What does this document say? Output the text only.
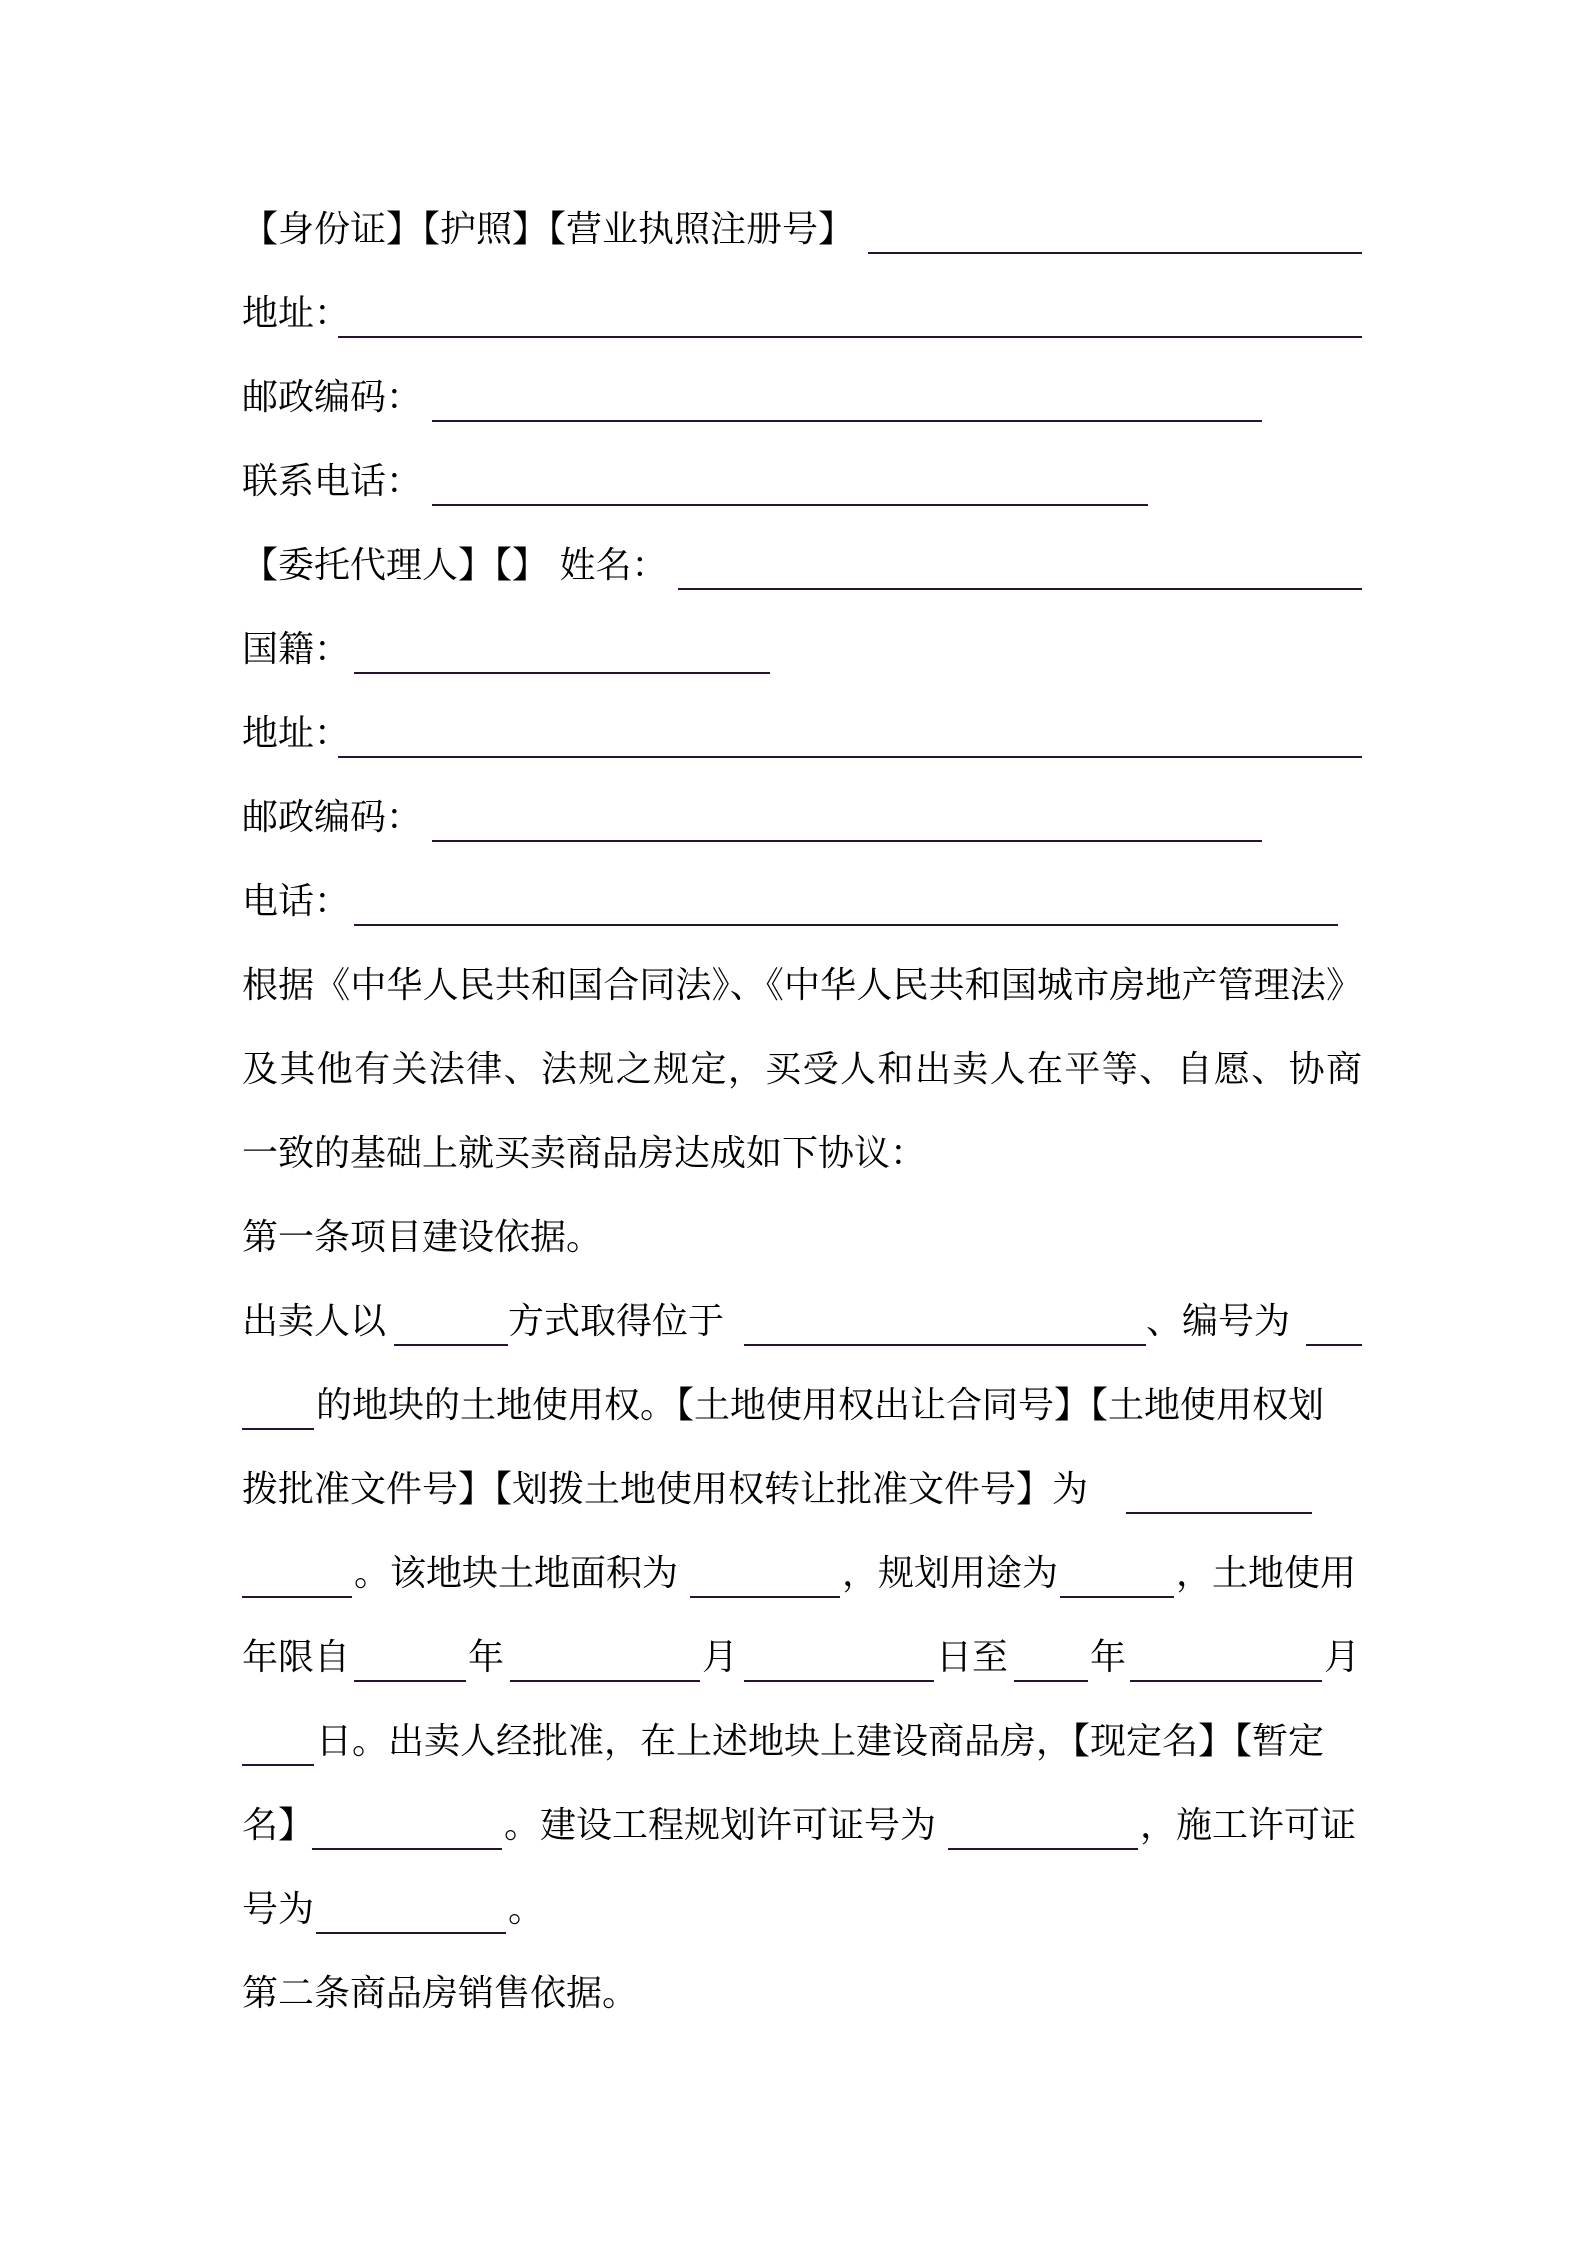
【身份证】【护照】【营业执照注册号】
地址：
邮政编码：
联系电话：
【委托代理人】【】 姓名：
国籍：
地址：
邮政编码：
电话：
根据《中华人民共和国合同法》、《中华人民共和国城市房地产管理法》
及其他有关法律、法规之规定，买受人和出卖人在平等、自愿、协商
一致的基础上就买卖商品房达成如下协议：
第一条项目建设依据。
出卖人以	方式取得位于	、编号为
的地块的土地使用权。【土地使用权出让合同号】【土地使用权划
拨批准文件号】【划拨土地使用权转让批准文件号】为
。该地块土地面积为	，规划用途为	，土地使用
年限自	年	月	日至 年	月
日。出卖人经批准，在上述地块上建设商品房，【现定名】【暂定
名】	。建设工程规划许可证号为	，施工许可证
号为	。
第二条商品房销售依据。
